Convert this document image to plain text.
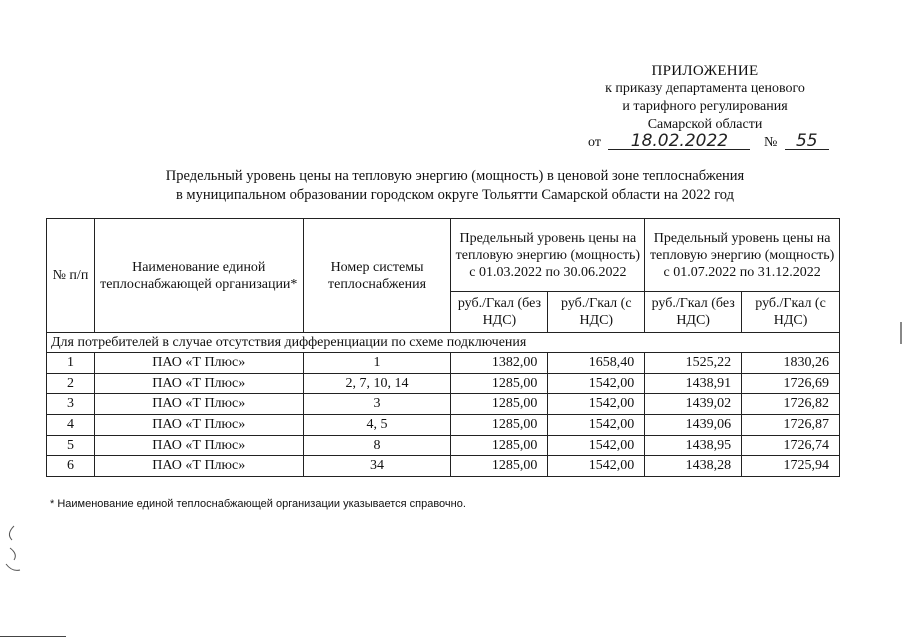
ПРИЛОЖЕНИЕ
к приказу департамента ценового
и тарифного регулирования
Самарской области
от 18.02.2022	№ 55
Предельный уровень цены на тепловую энергию (мощность) в ценовой зоне теплоснабжения
в муниципальном образовании городском округе Тольятти Самарской области на 2022 год
№ п/п	Наименование единой теплоснабжающей организации*	Номер системы теплоснабжения	Предельный уровень цены на тепловую энергию (мощность) с 01.03.2022 по 30.06.2022		Предельный уровень цены на тепловую энергию (мощность) с 01.07.2022 по 31.12.2022	
			руб./Гкал (без НДС)	руб./Гкал (с НДС)	руб./Гкал (без НДС)	руб./Гкал (с НДС)
Для потребителей в случае отсутствия дифференциации по схеме подключения						
1	ПАО «Т Плюс»	1	1382,00	1658,40	1525,22	1830,26
2	ПАО «Т Плюс»	2, 7, 10, 14	1285,00	1542,00	1438,91	1726,69
3	ПАО «Т Плюс»	3	1285,00	1542,00	1439,02	1726,82
4	ПАО «Т Плюс»	4, 5	1285,00	1542,00	1439,06	1726,87
5	ПАО «Т Плюс»	8	1285,00	1542,00	1438,95	1726,74
6	ПАО «Т Плюс»	34	1285,00	1542,00	1438,28	1725,94
* Наименование единой теплоснабжающей организации указывается справочно.
